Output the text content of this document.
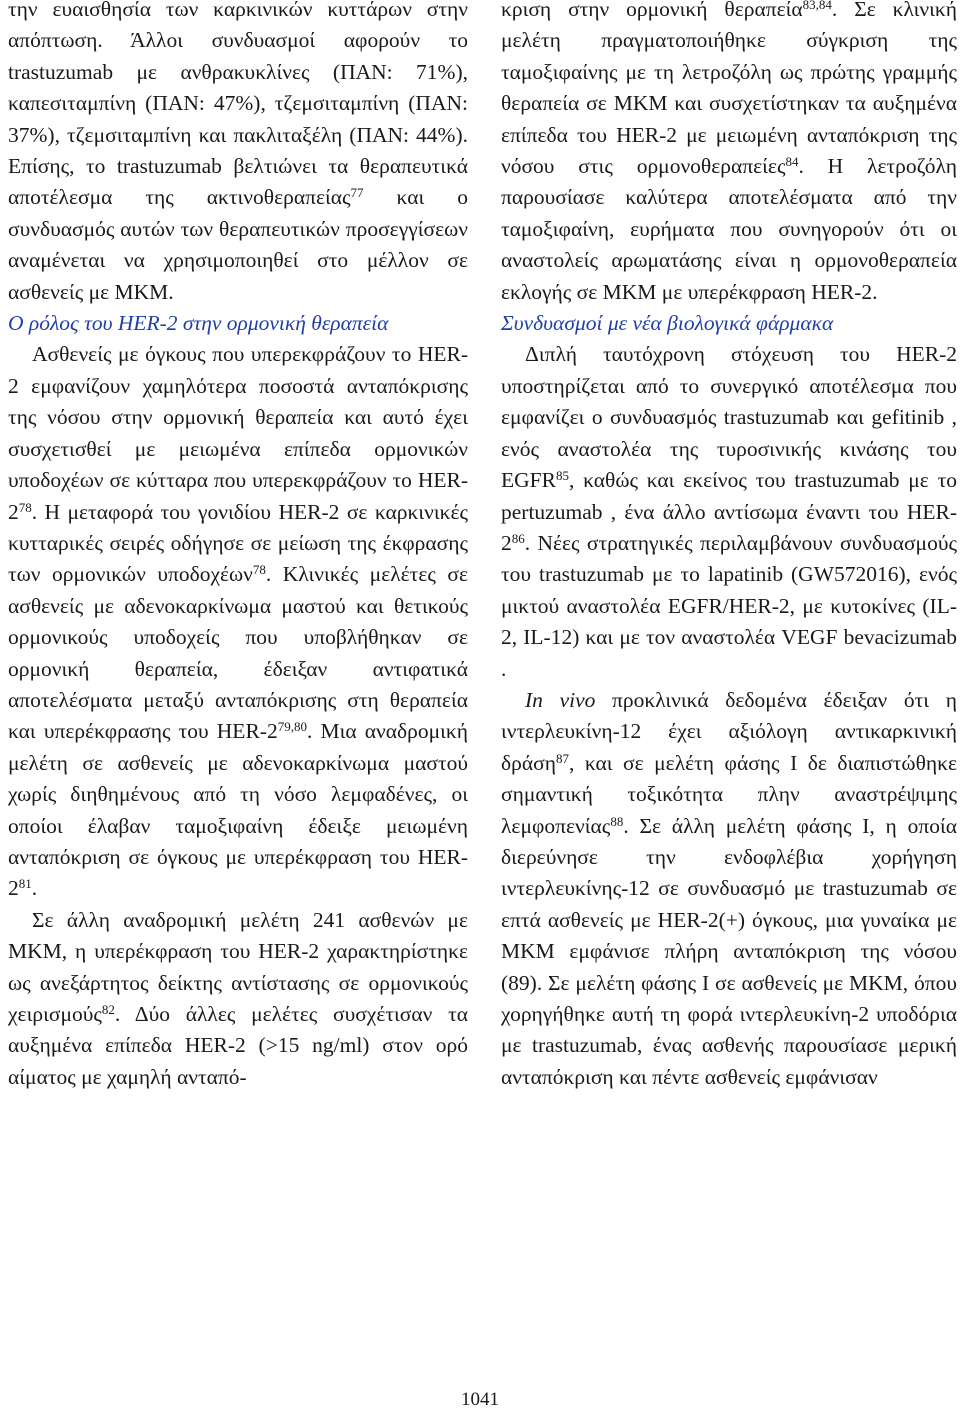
την ευαισθησία των καρκινικών κυττάρων στην απόπτωση. Άλλοι συνδυασμοί αφορούν το trastuzumab με ανθρακυκλίνες (ΠΑΝ: 71%), καπεσιταμπίνη (ΠΑΝ: 47%), τζεμσιταμπίνη (ΠΑΝ: 37%), τζεμσιταμπίνη και πακλιταξέλη (ΠΑΝ: 44%). Επίσης, το trastuzumab βελτιώνει τα θεραπευτικά αποτέλεσμα της ακτινοθεραπείας$^{77}$ και ο συνδυασμός αυτών των θεραπευτικών προσεγγίσεων αναμένεται να χρησιμοποιηθεί στο μέλλον σε ασθενείς με ΜΚΜ.

Ο ρόλος του HER-2 στην ορμονική θεραπεία

Ασθενείς με όγκους που υπερεκφράζουν το HER-2 εμφανίζουν χαμηλότερα ποσοστά ανταπόκρισης της νόσου στην ορμονική θεραπεία και αυτό έχει συσχετισθεί με μειωμένα επίπεδα ορμονικών υποδοχέων σε κύτταρα που υπερεκφράζουν το HER-$2^{78}$. Η μεταφορά του γονιδίου HER-2 σε καρκινικές κυτταρικές σειρές οδήγησε σε μείωση της έκφρασης των ορμονικών υποδοχέων$^{78}$. Κλινικές μελέτες σε ασθενείς με αδενοκαρκίνωμα μαστού και θετικούς ορμονικούς υποδοχείς που υποβλήθηκαν σε ορμονική θεραπεία, έδειξαν αντιφατικά αποτελέσματα μεταξύ ανταπόκρισης στη θεραπεία και υπερέκφρασης του HER-2$^{79,80}$. Μια αναδρομική μελέτη σε ασθενείς με αδενοκαρκίνωμα μαστού χωρίς διηθημένους από τη νόσο λεμφαδένες, οι οποίοι έλαβαν ταμοξιφαίνη έδειξε μειωμένη ανταπόκριση σε όγκους με υπερέκφραση του HER-$2^{81}$.

Σε άλλη αναδρομική μελέτη 241 ασθενών με ΜΚΜ, η υπερέκφραση του HER-2 χαρακτηρίστηκε ως ανεξάρτητος δείκτης αντίστασης σε ορμονικούς χειρισμούς$^{82}$. Δύο άλλες μελέτες συσχέτισαν τα αυξημένα επίπεδα HER-2 (>15 ng/ml) στον ορό αίματος με χαμηλή ανταπό-

κριση στην ορμονική θεραπεία$^{83,84}$. Σε κλινική μελέτη πραγματοποιήθηκε σύγκριση της ταμοξιφαίνης με τη λετροζόλη ως πρώτης γραμμής θεραπεία σε ΜΚΜ και συσχετίστηκαν τα αυξημένα επίπεδα του HER-2 με μειωμένη ανταπόκριση της νόσου στις ορμονοθεραπείες$^{84}$. Η λετροζόλη παρουσίασε καλύτερα αποτελέσματα από την ταμοξιφαίνη, ευρήματα που συνηγορούν ότι οι αναστολείς αρωματάσης είναι η ορμονοθεραπεία εκλογής σε ΜΚΜ με υπερέκφραση HER-2.

Συνδυασμοί με νέα βιολογικά φάρμακα

Διπλή ταυτόχρονη στόχευση του HER-2 υποστηρίζεται από το συνεργικό αποτέλεσμα που εμφανίζει ο συνδυασμός trastuzumab και gefitinib , ενός αναστολέα της τυροσινικής κινάσης του EGFR$^{85}$, καθώς και εκείνος του trastuzumab με το pertuzumab , ένα άλλο αντίσωμα έναντι του HER-$2^{86}$. Νέες στρατηγικές περιλαμβάνουν συνδυασμούς του trastuzumab με το lapatinib (GW572016), ενός μικτού αναστολέα EGFR/HER-2, με κυτοκίνες (IL-2, IL-12) και με τον αναστολέα VEGF bevacizumab .

In vivo προκλινικά δεδομένα έδειξαν ότι η ιντερλευκίνη-12 έχει αξιόλογη αντικαρκινική δράση$^{87}$, και σε μελέτη φάσης Ι δε διαπιστώθηκε σημαντική τοξικότητα πλην αναστρέψιμης λεμφοπενίας$^{88}$. Σε άλλη μελέτη φάσης Ι, η οποία διερεύνησε την ενδοφλέβια χορήγηση ιντερλευκίνης-12 σε συνδυασμό με trastuzumab σε επτά ασθενείς με HER-2(+) όγκους, μια γυναίκα με ΜΚΜ εμφάνισε πλήρη ανταπόκριση της νόσου (89). Σε μελέτη φάσης Ι σε ασθενείς με ΜΚΜ, όπου χορηγήθηκε αυτή τη φορά ιντερλευκίνη-2 υποδόρια με trastuzumab, ένας ασθενής παρουσίασε μερική ανταπόκριση και πέντε ασθενείς εμφάνισαν

1041
